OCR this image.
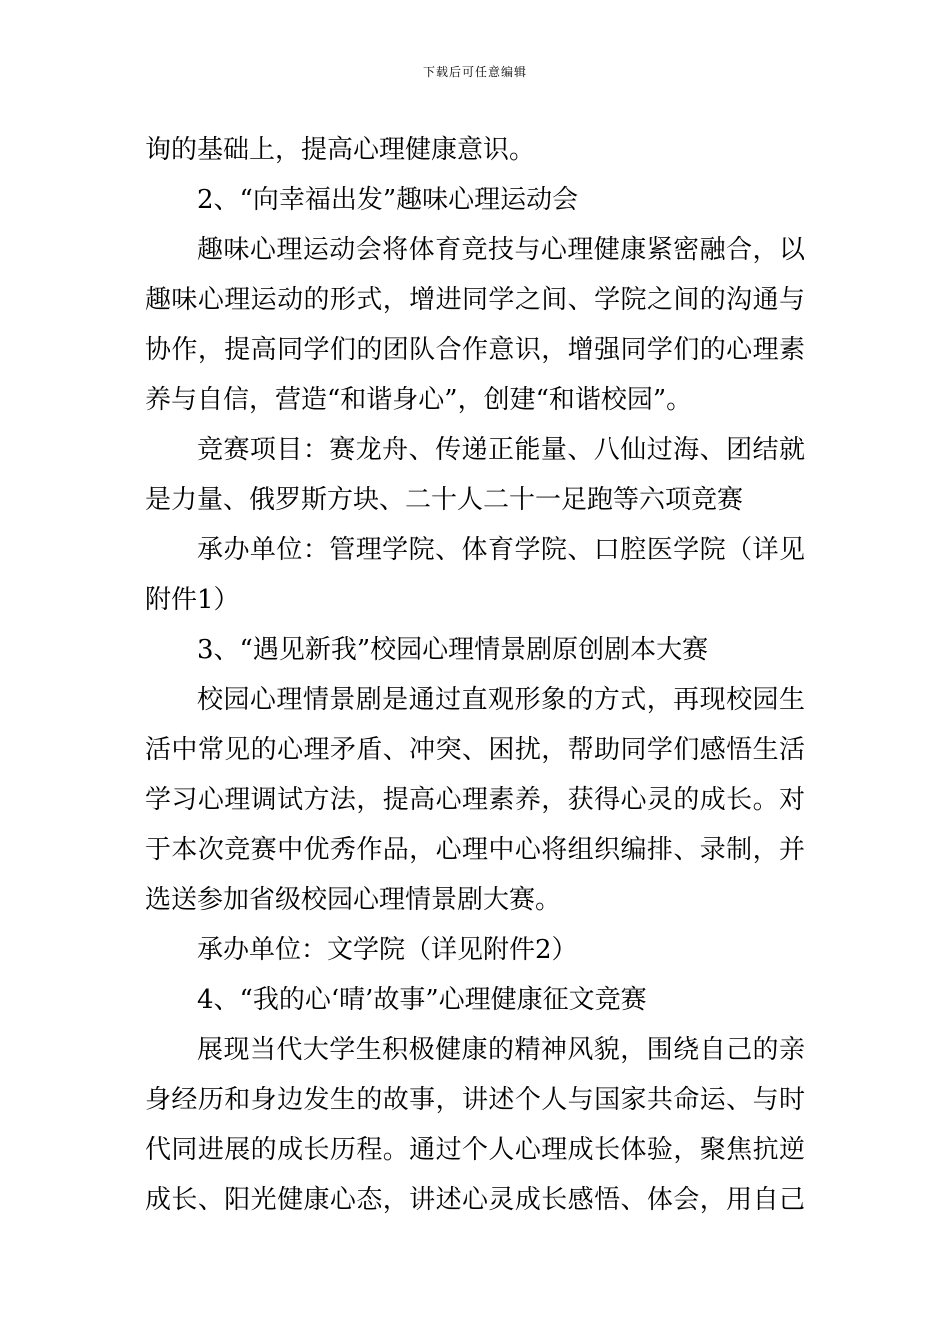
下载后可任意编辑
询的基础上，提高心理健康意识。
2、“向幸福出发”趣味心理运动会
趣味心理运动会将体育竞技与心理健康紧密融合，以
趣味心理运动的形式，增进同学之间、学院之间的沟通与
协作，提高同学们的团队合作意识，增强同学们的心理素
养与自信，营造“和谐身心”，创建“和谐校园”。
竞赛项目：赛龙舟、传递正能量、八仙过海、团结就
是力量、俄罗斯方块、二十人二十一足跑等六项竞赛
承办单位：管理学院、体育学院、口腔医学院（详见
附件1）
3、“遇见新我”校园心理情景剧原创剧本大赛
校园心理情景剧是通过直观形象的方式，再现校园生
活中常见的心理矛盾、冲突、困扰，帮助同学们感悟生活
学习心理调试方法，提高心理素养，获得心灵的成长。对
于本次竞赛中优秀作品，心理中心将组织编排、录制，并
选送参加省级校园心理情景剧大赛。
承办单位：文学院（详见附件2）
4、“我的心‘晴’故事”心理健康征文竞赛
展现当代大学生积极健康的精神风貌，围绕自己的亲
身经历和身边发生的故事，讲述个人与国家共命运、与时
代同进展的成长历程。通过个人心理成长体验，聚焦抗逆
成长、阳光健康心态，讲述心灵成长感悟、体会，用自己
